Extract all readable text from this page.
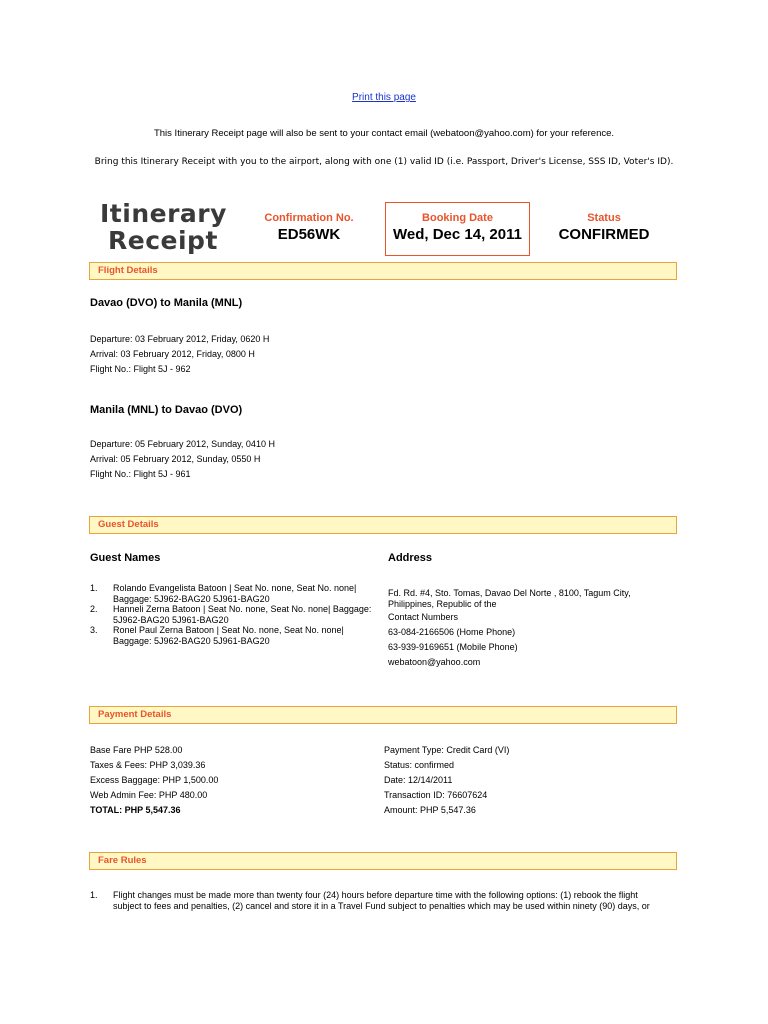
Print this page
This Itinerary Receipt page will also be sent to your contact email (webatoon@yahoo.com) for your reference.
Bring this Itinerary Receipt with you to the airport, along with one (1) valid ID (i.e. Passport, Driver's License, SSS ID, Voter's ID).
Itinerary
Receipt
Confirmation No.
ED56WK
Booking Date
Wed, Dec 14, 2011
Status
CONFIRMED
Flight Details
Davao (DVO) to Manila (MNL)
Departure: 03 February 2012, Friday, 0620 H
Arrival: 03 February 2012, Friday, 0800 H
Flight No.: Flight 5J - 962
Manila (MNL) to Davao (DVO)
Departure: 05 February 2012, Sunday, 0410 H
Arrival: 05 February 2012, Sunday, 0550 H
Flight No.: Flight 5J - 961
Guest Details
Guest Names	Address
1. Rolando Evangelista Batoon | Seat No. none, Seat No. none|
Baggage: 5J962-BAG20 5J961-BAG20
2. Hanneli Zerna Batoon | Seat No. none, Seat No. none| Baggage:
5J962-BAG20 5J961-BAG20
3. Ronel Paul Zerna Batoon | Seat No. none, Seat No. none|
Baggage: 5J962-BAG20 5J961-BAG20
Fd. Rd. #4, Sto. Tomas, Davao Del Norte , 8100, Tagum City,
Philippines, Republic of the
Contact Numbers
63-084-2166506 (Home Phone)
63-939-9169651 (Mobile Phone)
webatoon@yahoo.com
Payment Details
Base Fare PHP 528.00
Taxes & Fees: PHP 3,039.36
Excess Baggage: PHP 1,500.00
Web Admin Fee: PHP 480.00
TOTAL: PHP 5,547.36
Payment Type: Credit Card (VI)
Status: confirmed
Date: 12/14/2011
Transaction ID: 76607624
Amount: PHP 5,547.36
Fare Rules
1. Flight changes must be made more than twenty four (24) hours before departure time with the following options: (1) rebook the flight
subject to fees and penalties, (2) cancel and store it in a Travel Fund subject to penalties which may be used within ninety (90) days, or
